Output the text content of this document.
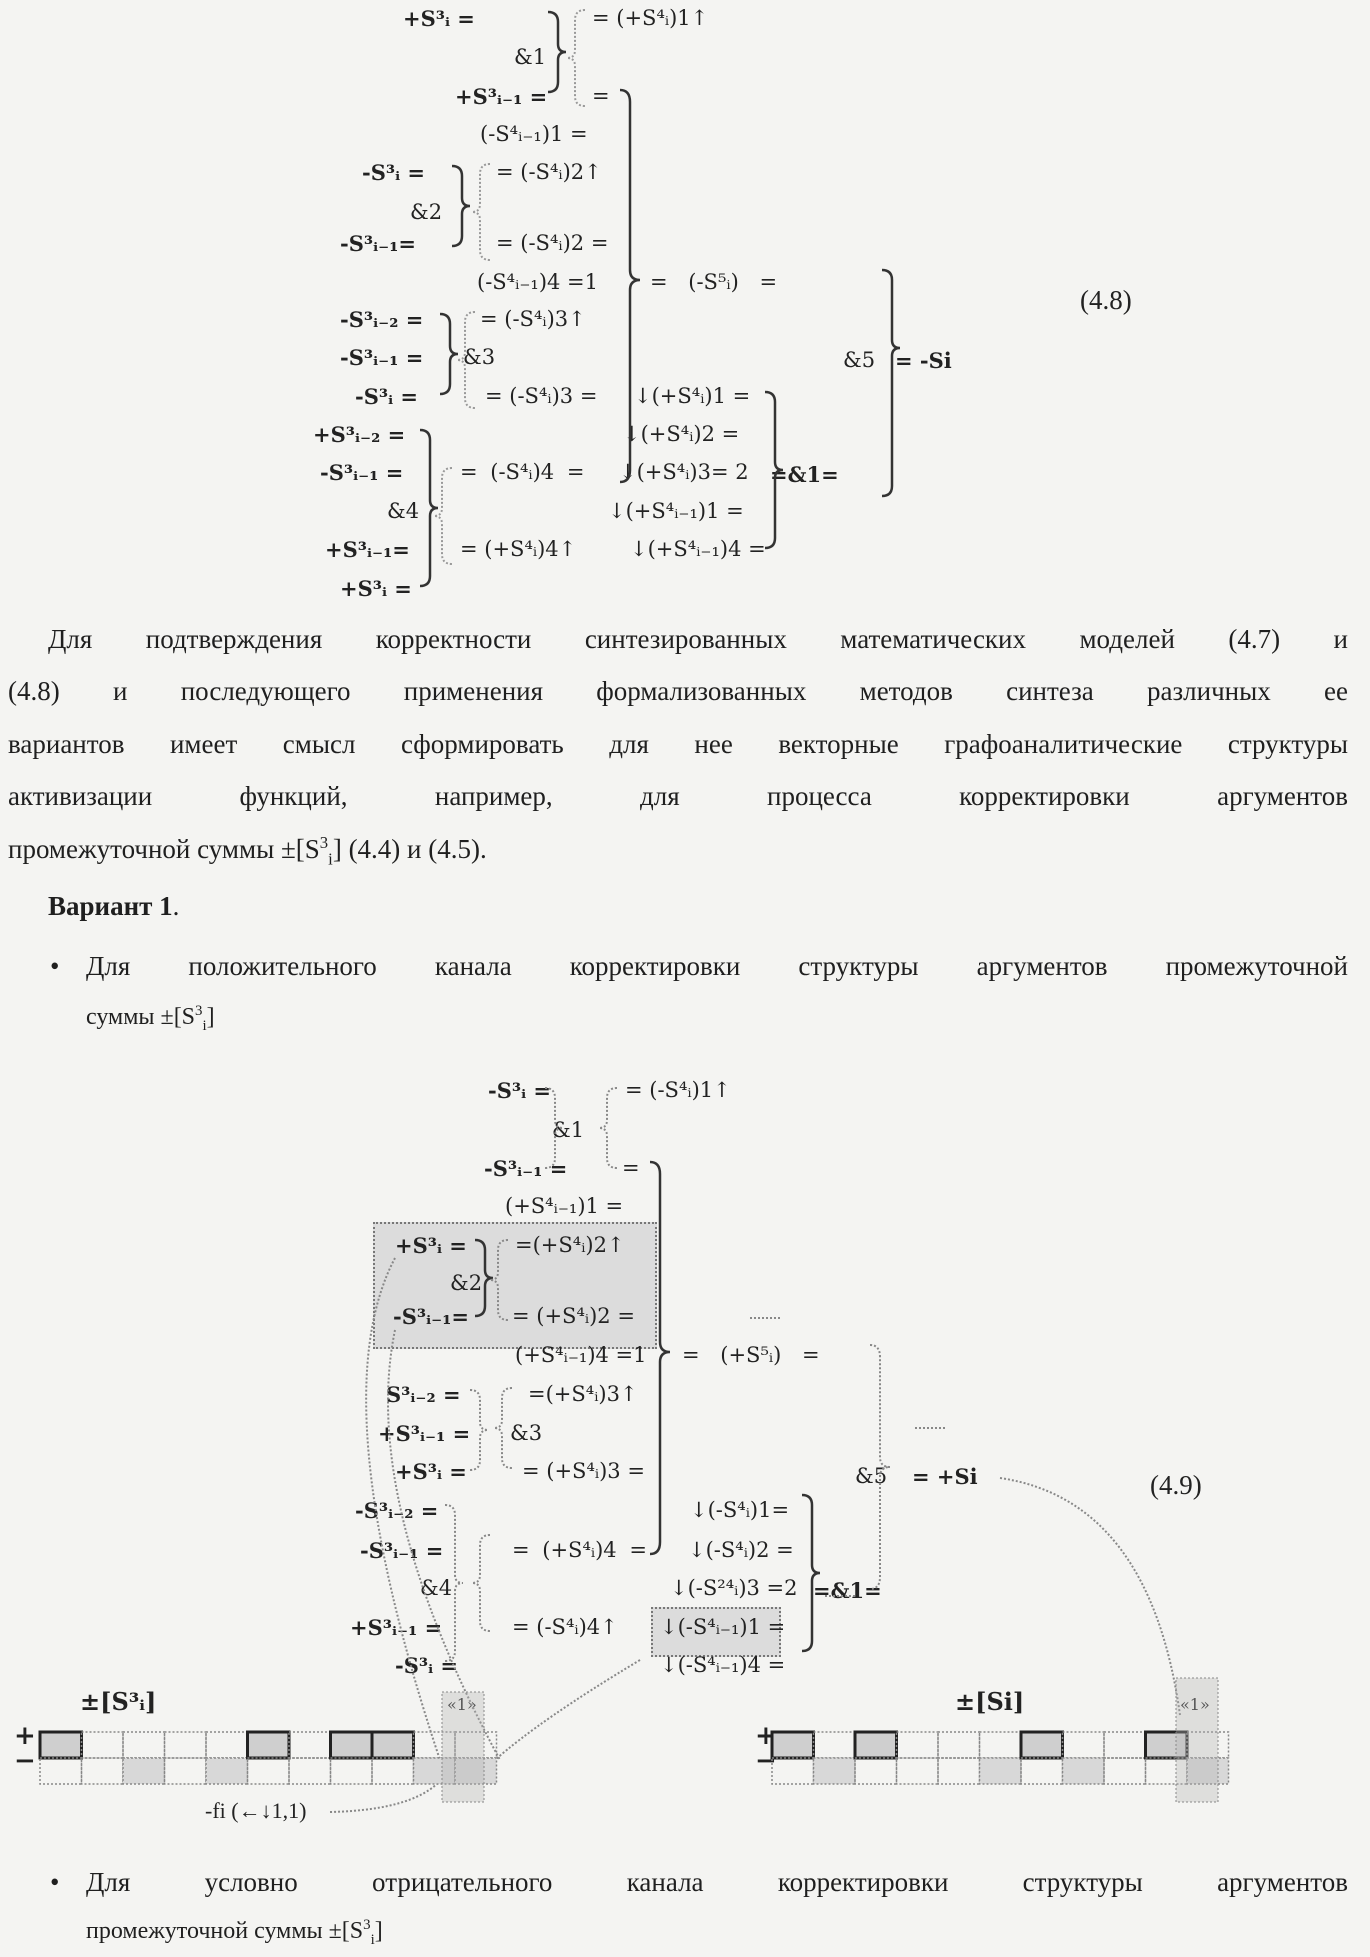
+S³ᵢ =	= (+S⁴ᵢ)1↑
&1
+S³ᵢ₋₁ = =
(-S⁴ᵢ₋₁)1 =
-S³ᵢ =	= (-S⁴ᵢ)2↑
&2
-S³ᵢ₋₁=	= (-S⁴ᵢ)2 =
(-S⁴ᵢ₋₁)4 =1 = (-S⁵ᵢ) =
(4.8)
-S³ᵢ₋₂ =	= (-S⁴ᵢ)3↑
-S³ᵢ₋₁ = &3	&5 = -Si
-S³ᵢ =	= (-S⁴ᵢ)3 = ↓(+S⁴ᵢ)1 =
+S³ᵢ₋₂ =	↓(+S⁴ᵢ)2 =
-S³ᵢ₋₁ =	= (-S⁴ᵢ)4 = ↓(+S⁴ᵢ)3= 2 =&1=
&4	↓(+S⁴ᵢ₋₁)1 =
+S³ᵢ₋₁= = (+S⁴ᵢ)4↑	↓(+S⁴ᵢ₋₁)4 =
+S³ᵢ =
Для подтверждения корректности синтезированных математических моделей (4.7) и
(4.8) и последующего применения формализованных методов синтеза различных ее
вариантов имеет смысл сформировать для нее векторные графоаналитические структуры
активизации функций, например, для процесса корректировки аргументов
промежуточной суммы ±[S3i] (4.4) и (4.5).
Вариант 1.
• Для положительного канала корректировки структуры аргументов промежуточной
суммы ±[S3i]
-S³ᵢ =	= (-S⁴ᵢ)1↑
&1
-S³ᵢ₋₁ =	=
(+S⁴ᵢ₋₁)1 =
+S³ᵢ = =(+S⁴ᵢ)2↑
&2
-S³ᵢ₋₁= = (+S⁴ᵢ)2 =
(+S⁴ᵢ₋₁)4 =1 = (+S⁵ᵢ) =
S³ᵢ₋₂ =	=(+S⁴ᵢ)3↑
+S³ᵢ₋₁ = &3
+S³ᵢ =	= (+S⁴ᵢ)3 =	&5 = +Si	(4.9)
-S³ᵢ₋₂ =	↓(-S⁴ᵢ)1=
-S³ᵢ₋₁ =	= (+S⁴ᵢ)4 = ↓(-S⁴ᵢ)2 =
&4	↓(-S²⁴ᵢ)3 =2 =&1=
+S³ᵢ₋₁ =	= (-S⁴ᵢ)4↑ ↓(-S⁴ᵢ₋₁)1 =
-S³ᵢ =	↓(-S⁴ᵢ₋₁)4 =
±[S³ᵢ]
+
−
«1»
-fi (←↓1,1)
±[Si]
+
−
«1»
• Для условно отрицательного канала корректировки структуры аргументов
промежуточной суммы ±[S3i]
